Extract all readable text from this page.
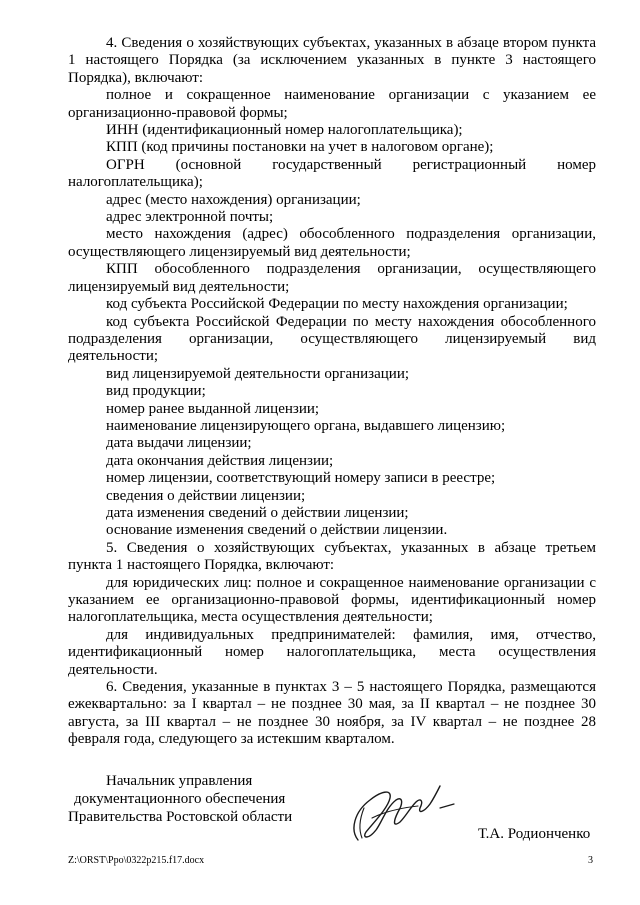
4. Сведения о хозяйствующих субъектах, указанных в абзаце втором пункта 1 настоящего Порядка (за исключением указанных в пункте 3 настоящего Порядка), включают:

полное и сокращенное наименование организации с указанием ее организационно-правовой формы;

ИНН (идентификационный номер налогоплательщика);

КПП (код причины постановки на учет в налоговом органе);

ОГРН (основной государственный регистрационный номер налогоплательщика);

адрес (место нахождения) организации;

адрес электронной почты;

место нахождения (адрес) обособленного подразделения организации, осуществляющего лицензируемый вид деятельности;

КПП обособленного подразделения организации, осуществляющего лицензируемый вид деятельности;

код субъекта Российской Федерации по месту нахождения организации;

код субъекта Российской Федерации по месту нахождения обособленного подразделения организации, осуществляющего лицензируемый вид деятельности;

вид лицензируемой деятельности организации;

вид продукции;

номер ранее выданной лицензии;

наименование лицензирующего органа, выдавшего лицензию;

дата выдачи лицензии;

дата окончания действия лицензии;

номер лицензии, соответствующий номеру записи в реестре;

сведения о действии лицензии;

дата изменения сведений о действии лицензии;

основание изменения сведений о действии лицензии.

5. Сведения о хозяйствующих субъектах, указанных в абзаце третьем пункта 1 настоящего Порядка, включают:

для юридических лиц: полное и сокращенное наименование организации с указанием ее организационно-правовой формы, идентификационный номер налогоплательщика, места осуществления деятельности;

для индивидуальных предпринимателей: фамилия, имя, отчество, идентификационный номер налогоплательщика, места осуществления деятельности.

6. Сведения, указанные в пунктах 3 – 5 настоящего Порядка, размещаются ежеквартально: за I квартал – не позднее 30 мая, за II квартал – не позднее 30 августа, за III квартал – не позднее 30 ноября, за IV квартал – не позднее 28 февраля года, следующего за истекшим кварталом.

Начальник управления
документационного обеспечения
Правительства Ростовской области
Т.А. Родионченко
Z:\ORST\Ppo\0322p215.f17.docx	3
